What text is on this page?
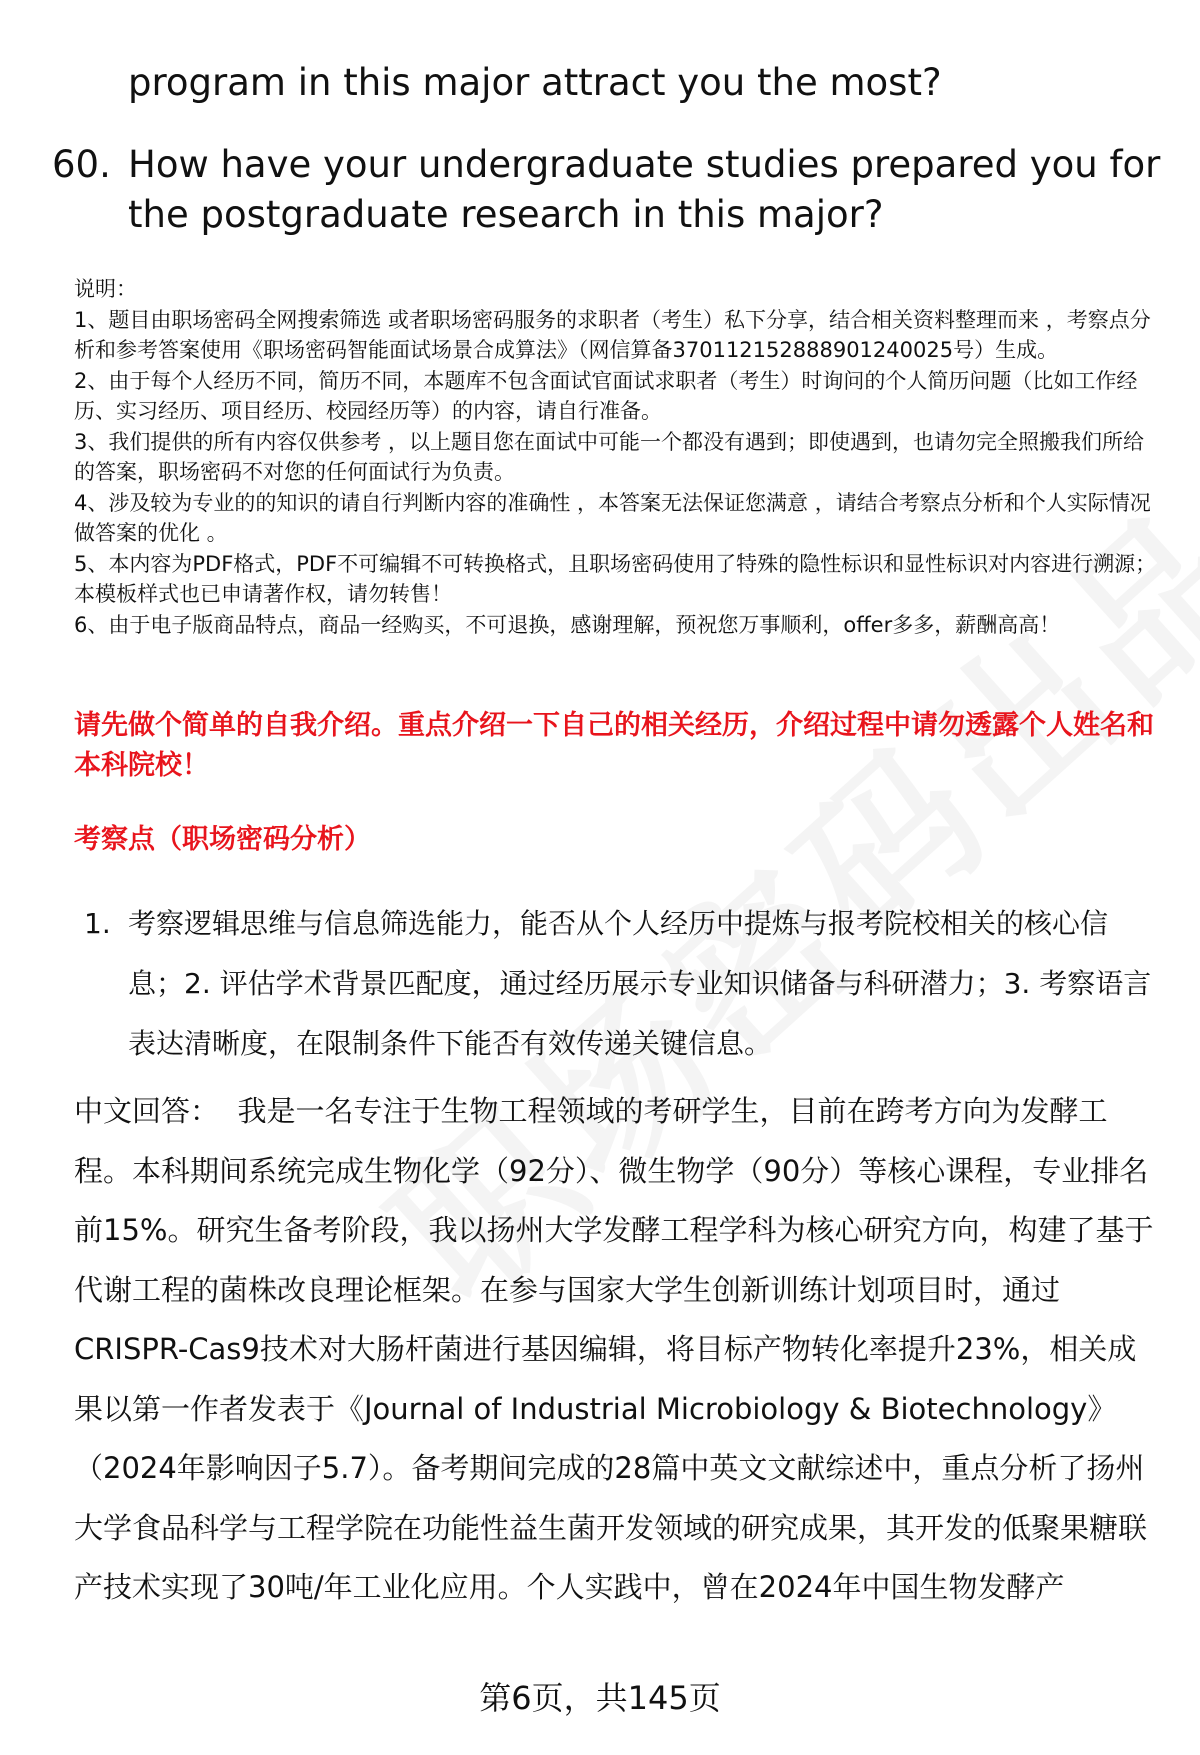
program in this major attract you the most?
60. How have your undergraduate studies prepared you for the postgraduate research in this major?

说明：

1、题目由职场密码全网搜索筛选 或者职场密码服务的求职者（考生）私下分享，结合相关资料整理而来 ，考察点分析和参考答案使用《职场密码智能面试场景合成算法》（网信算备370112152888901240025号）生成。

2、由于每个人经历不同，简历不同，本题库不包含面试官面试求职者（考生）时询问的个人简历问题（比如工作经历、实习经历、项目经历、校园经历等）的内容，请自行准备。

3、我们提供的所有内容仅供参考 ，以上题目您在面试中可能一个都没有遇到；即使遇到，也请勿完全照搬我们所给的答案，职场密码不对您的任何面试行为负责。

4、涉及较为专业的的知识的请自行判断内容的准确性 ，本答案无法保证您满意 ，请结合考察点分析和个人实际情况做答案的优化 。

5、本内容为PDF格式，PDF不可编辑不可转换格式，且职场密码使用了特殊的隐性标识和显性标识对内容进行溯源；本模板样式也已申请著作权，请勿转售！

6、由于电子版商品特点，商品一经购买，不可退换，感谢理解，预祝您万事顺利，offer多多，薪酬高高！

请先做个简单的自我介绍。重点介绍一下自己的相关经历，介绍过程中请勿透露个人姓名和本科院校！
考察点（职场密码分析）
1. 考察逻辑思维与信息筛选能力，能否从个人经历中提炼与报考院校相关的核心信息；2. 评估学术背景匹配度，通过经历展示专业知识储备与科研潜力；3. 考察语言表达清晰度，在限制条件下能否有效传递关键信息。
中文回答： 我是一名专注于生物工程领域的考研学生，目前在跨考方向为发酵工程。本科期间系统完成生物化学（92分）、微生物学（90分）等核心课程，专业排名前15%。研究生备考阶段，我以扬州大学发酵工程学科为核心研究方向，构建了基于代谢工程的菌株改良理论框架。在参与国家大学生创新训练计划项目时，通过CRISPR-Cas9技术对大肠杆菌进行基因编辑，将目标产物转化率提升23%，相关成果以第一作者发表于《Journal of Industrial Microbiology & Biotechnology》（2024年影响因子5.7）。备考期间完成的28篇中英文文献综述中，重点分析了扬州大学食品科学与工程学院在功能性益生菌开发领域的研究成果，其开发的低聚果糖联产技术实现了30吨/年工业化应用。个人实践中，曾在2024年中国生物发酵产
第6页，共145页
